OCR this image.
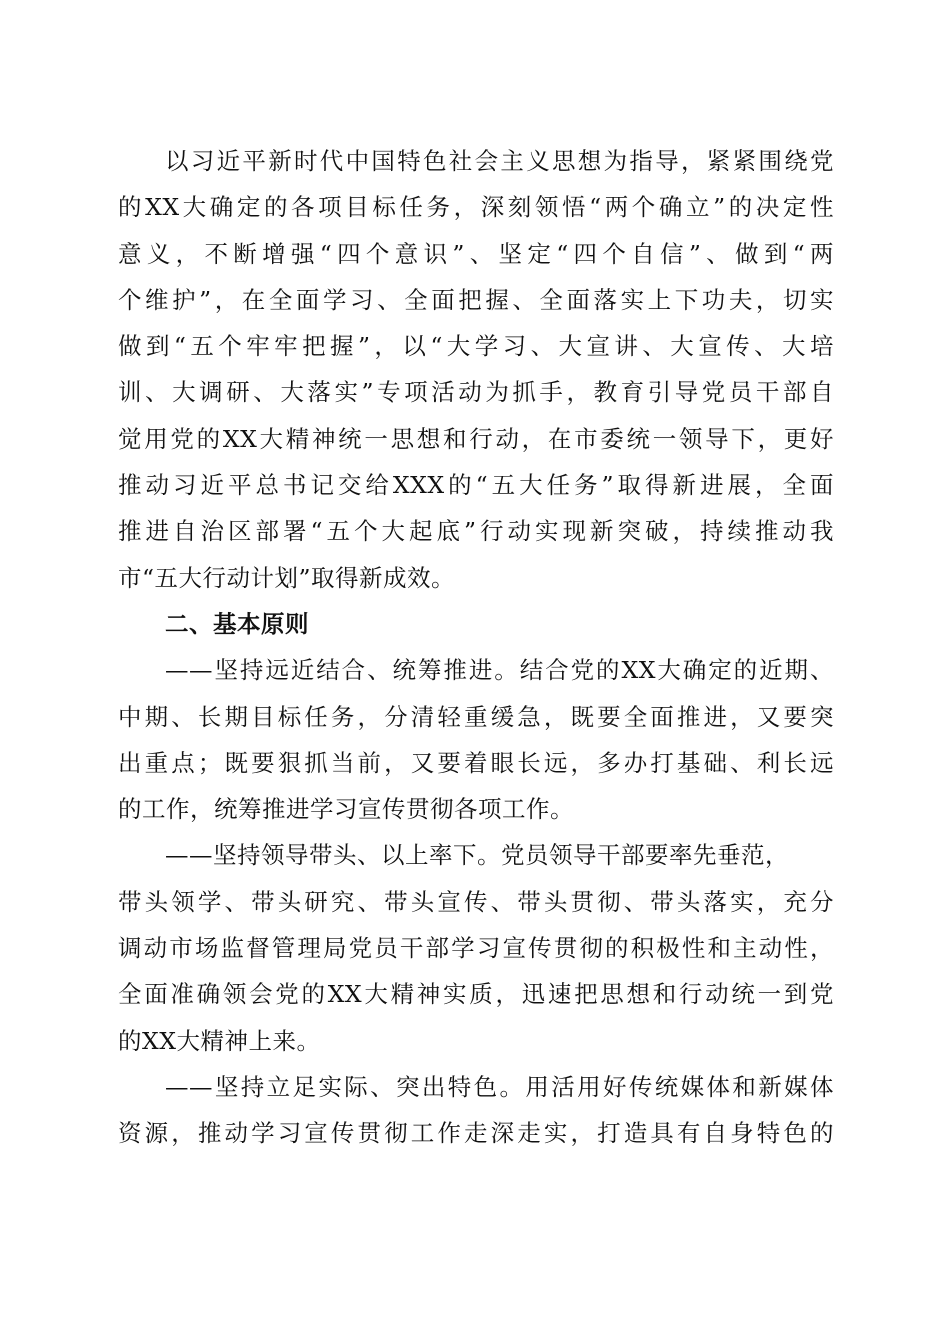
以习近平新时代中国特色社会主义思想为指导，紧紧围绕党
的XX大确定的各项目标任务，深刻领悟“两个确立”的决定性
意义，不断增强“四个意识”、坚定“四个自信”、做到“两
个维护”，在全面学习、全面把握、全面落实上下功夫，切实
做到“五个牢牢把握”，以“大学习、大宣讲、大宣传、大培
训、大调研、大落实”专项活动为抓手，教育引导党员干部自
觉用党的XX大精神统一思想和行动，在市委统一领导下，更好
推动习近平总书记交给XXX的“五大任务”取得新进展，全面
推进自治区部署“五个大起底”行动实现新突破，持续推动我
市“五大行动计划”取得新成效。
二、基本原则
——坚持远近结合、统筹推进。结合党的XX大确定的近期、
中期、长期目标任务，分清轻重缓急，既要全面推进，又要突
出重点；既要狠抓当前，又要着眼长远，多办打基础、利长远
的工作，统筹推进学习宣传贯彻各项工作。
——坚持领导带头、以上率下。党员领导干部要率先垂范，
带头领学、带头研究、带头宣传、带头贯彻、带头落实，充分
调动市场监督管理局党员干部学习宣传贯彻的积极性和主动性，
全面准确领会党的XX大精神实质，迅速把思想和行动统一到党
的XX大精神上来。
——坚持立足实际、突出特色。用活用好传统媒体和新媒体
资源，推动学习宣传贯彻工作走深走实，打造具有自身特色的
